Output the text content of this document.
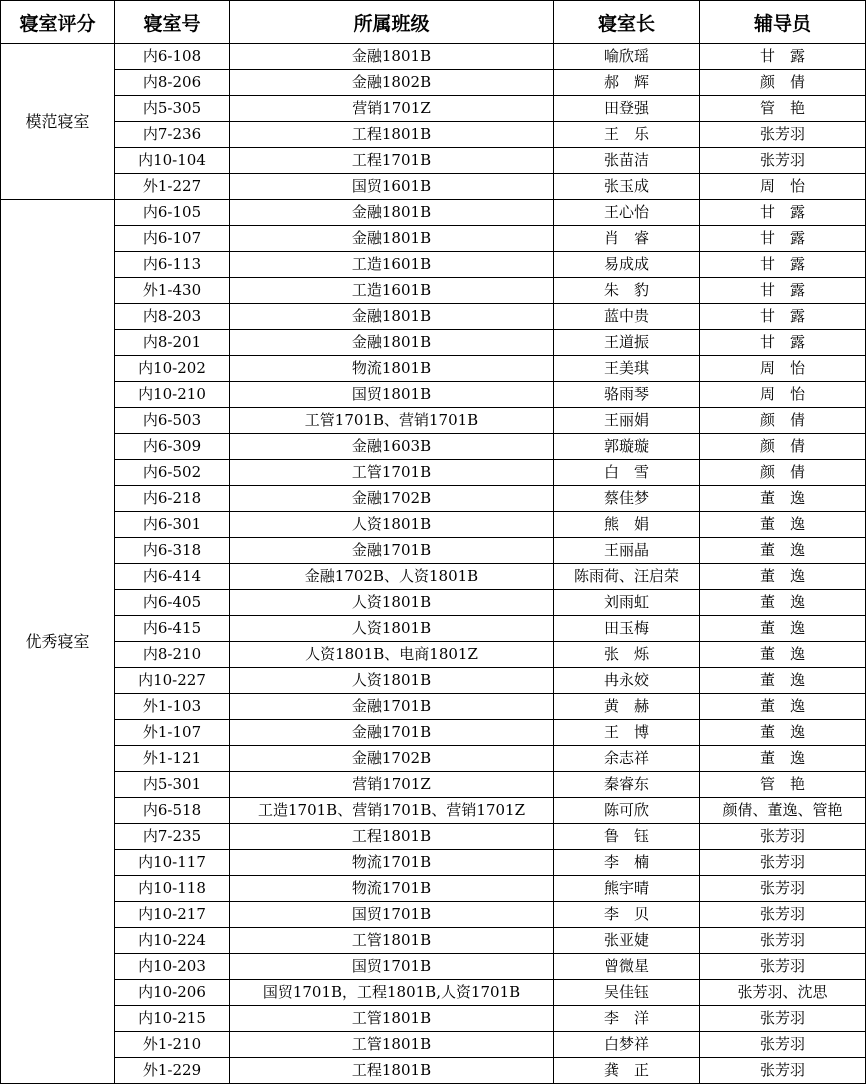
寝室评分	寝室号	所属班级	寝室长	辅导员
模范寝室	内6-108	金融1801B	喻欣瑶	甘　露
	内8-206	金融1802B	郝　辉	颜　倩
	内5-305	营销1701Z	田登强	管　艳
	内7-236	工程1801B	王　乐	张芳羽
	内10-104	工程1701B	张苗洁	张芳羽
	外1-227	国贸1601B	张玉成	周　怡
优秀寝室	内6-105	金融1801B	王心怡	甘　露
	内6-107	金融1801B	肖　睿	甘　露
	内6-113	工造1601B	易成成	甘　露
	外1-430	工造1601B	朱　豹	甘　露
	内8-203	金融1801B	蓝中贵	甘　露
	内8-201	金融1801B	王道振	甘　露
	内10-202	物流1801B	王美琪	周　怡
	内10-210	国贸1801B	骆雨琴	周　怡
	内6-503	工管1701B、营销1701B	王丽娟	颜　倩
	内6-309	金融1603B	郭璇璇	颜　倩
	内6-502	工管1701B	白　雪	颜　倩
	内6-218	金融1702B	蔡佳梦	董　逸
	内6-301	人资1801B	熊　娟	董　逸
	内6-318	金融1701B	王丽晶	董　逸
	内6-414	金融1702B、人资1801B	陈雨荷、汪启荣	董　逸
	内6-405	人资1801B	刘雨虹	董　逸
	内6-415	人资1801B	田玉梅	董　逸
	内8-210	人资1801B、电商1801Z	张　烁	董　逸
	内10-227	人资1801B	冉永姣	董　逸
	外1-103	金融1701B	黄　赫	董　逸
	外1-107	金融1701B	王　博	董　逸
	外1-121	金融1702B	余志祥	董　逸
	内5-301	营销1701Z	秦睿东	管　艳
	内6-518	工造1701B、营销1701B、营销1701Z	陈可欣	颜倩、董逸、管艳
	内7-235	工程1801B	鲁　钰	张芳羽
	内10-117	物流1701B	李　楠	张芳羽
	内10-118	物流1701B	熊宇晴	张芳羽
	内10-217	国贸1701B	李　贝	张芳羽
	内10-224	工管1801B	张亚婕	张芳羽
	内10-203	国贸1701B	曾微星	张芳羽
	内10-206	国贸1701B，工程1801B,人资1701B	吴佳钰	张芳羽、沈思
	内10-215	工管1801B	李　洋	张芳羽
	外1-210	工管1801B	白梦祥	张芳羽
	外1-229	工程1801B	龚　正	张芳羽
